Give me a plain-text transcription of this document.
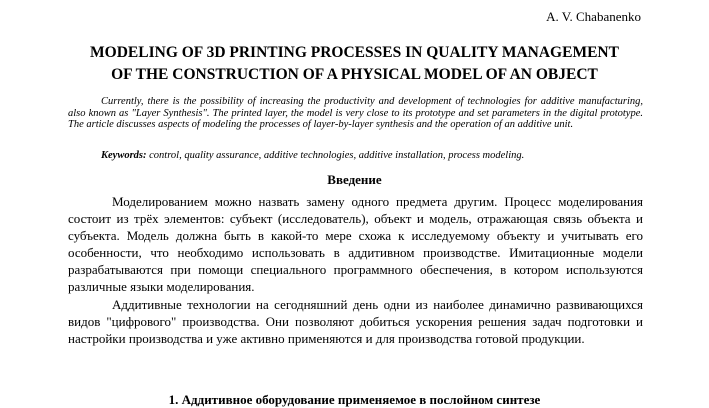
A. V. Chabanenko
MODELING OF 3D PRINTING PROCESSES IN QUALITY MANAGEMENT
OF THE CONSTRUCTION OF A PHYSICAL MODEL OF AN OBJECT
Currently, there is the possibility of increasing the productivity and development of technologies for additive manufacturing, also known as "Layer Synthesis". The printed layer, the model is very close to its prototype and set parameters in the digital prototype. The article discusses aspects of modeling the processes of layer-by-layer synthesis and the operation of an additive unit.
Keywords: control, quality assurance, additive technologies, additive installation, process modeling.
Введение

Моделированием можно назвать замену одного предмета другим. Процесс моделирования состоит из трёх элементов: субъект (исследователь), объект и модель, отражающая связь объекта и субъекта. Модель должна быть в какой-то мере схожа к исследуемому объекту и учитывать его особенности, что необходимо использовать в аддитивном производстве. Имитационные модели разрабатываются при помощи специального программного обеспечения, в котором используются различные языки моделирования.

Аддитивные технологии на сегодняшний день одни из наиболее динамично развивающихся видов "цифрового" производства. Они позволяют добиться ускорения решения задач подготовки и настройки производства и уже активно применяются и для производства готовой продукции.

1. Аддитивное оборудование применяемое в послойном синтезе
